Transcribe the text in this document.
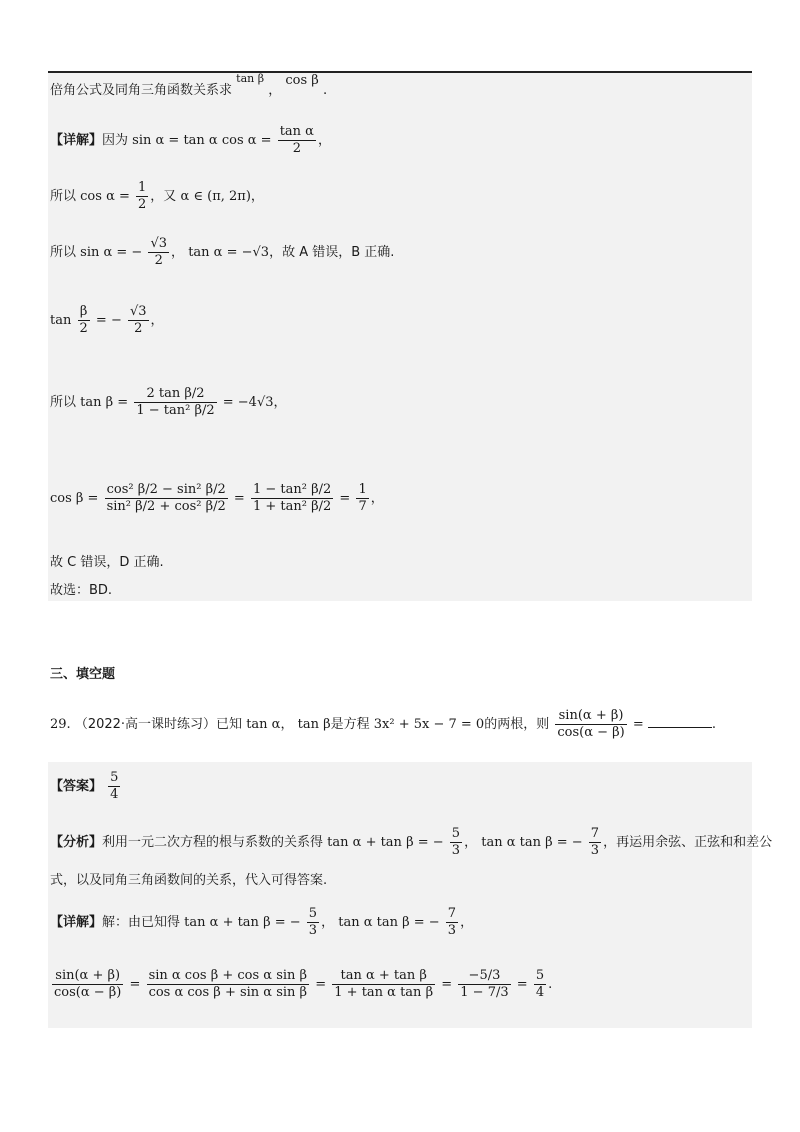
倍角公式及同角三角函数关系求 $^{tan \beta}$ ， cos β .
【详解】因为 sin α = tan α $\cos \alpha = \frac{\text{tan α}}{2}$ ，
所以 $\cos \alpha = \frac{1}{2}$ ，又 α ∈ (π, 2π)，
所以 sin α = − $\frac{√3}{2}$ ， tan α = −√3，故 A 错误，B 正确.
$\tan \frac{\beta}{2}$ = − $\frac{√3}{2}$ ，
所以 $\tan \beta = \frac{\text{2 tan β/2}}{\text{1 − tan² β/2}} = -4√3$，
$\cos \beta = \frac{\text{cos² β/2 − sin² β/2}}{\text{sin² β/2 + cos² β/2}} = \frac{\text{1 − tan² β/2}}{\text{1 + tan² β/2}} = \frac{1}{7}$ ，
故 C 错误，D 正确.
故选：BD.
三、填空题
29. （2022·高一课时练习）已知 tan α， tan β是方程 3x² + 5x − 7 = 0的两根，则 $\frac{\sin(\alpha + \beta)}{\cos(\alpha - \beta)}$ =	.
【答案】 $\frac{5}{4}$
【分析】利用一元二次方程的根与系数的关系得 tan α + tan β = − $\frac{5}{3}$ ， tan α tan β = − $\frac{7}{3}$ ，再运用余弦、正弦和和差公
式，以及同角三角函数间的关系，代入可得答案.
【详解】解：由已知得 tan α + tan β = − $\frac{5}{3}$ ， tan α tan β = − $\frac{7}{3}$ ，
$\frac{\sin(\alpha + \beta)}{\cos(\alpha - \beta)} = \frac{\text{sin α cos β + cos α sin β}}{\text{cos α cos β + sin α sin β}} = \frac{\text{tan α + tan β}}{\text{1 + tan α tan β}} = \frac{-5/3}{1 - 7/3} = \frac{5}{4}$ .
